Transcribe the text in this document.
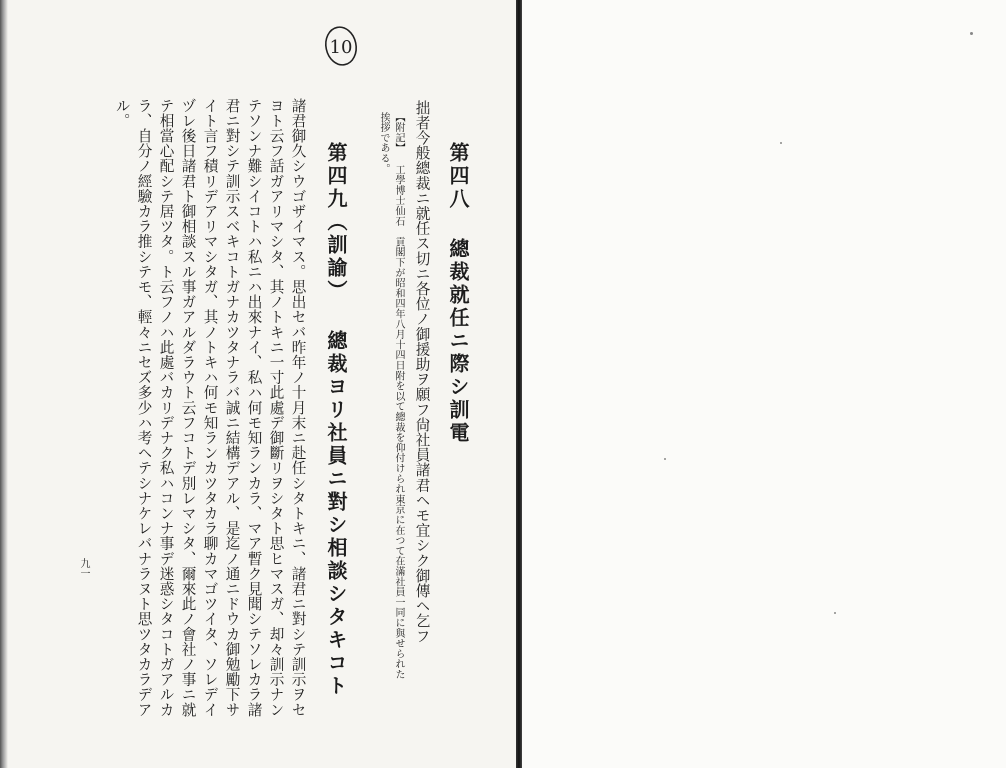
10
第四八 總裁就任ニ際シ訓電
拙者今般總裁ニ就任ス切ニ各位ノ御援助ヲ願フ尙社員諸君ヘモ宜シク御傳ヘ乞フ
【附記】 工學博士仙石　貢閣下が昭和四年八月十四日附を以て總裁を仰付けられ東京に在つて在滿社員一同に與せられた
挨拶である。
第四九（訓諭） 總裁ヨリ社員ニ對シ相談シタキコト
諸君御久シウゴザイマス。思出セバ昨年ノ十月末ニ赴任シタトキニ、諸君ニ對シテ訓示ヲセ
ヨト云フ話ガアリマシタ、其ノトキニ一寸此處デ御斷リヲシタト思ヒマスガ、却々訓示ナン
テソンナ難シイコトハ私ニハ出來ナイ、私ハ何モ知ランカラ、マア暫ク見聞シテソレカラ諸
君ニ對シテ訓示スベキコトガナカツタナラバ誠ニ結構デアル、是迄ノ通ニドウカ御勉勵下サ
イト言フ積リデアリマシタガ、其ノトキハ何モ知ランカツタカラ聊カマゴツイタ、ソレデイ
ヅレ後日諸君ト御相談スル事ガアルダラウト云フコトデ別レマシタ、爾來此ノ會社ノ事ニ就
テ相當心配シテ居ツタ。ト云フノハ此處バカリデナク私ハコンナ事デ迷惑シタコトガアルカ
ラ、自分ノ經驗カラ推シテモ、輕々ニセズ多少ハ考ヘテシナケレバナラヌト思ツタカラデア
ル。
九一
